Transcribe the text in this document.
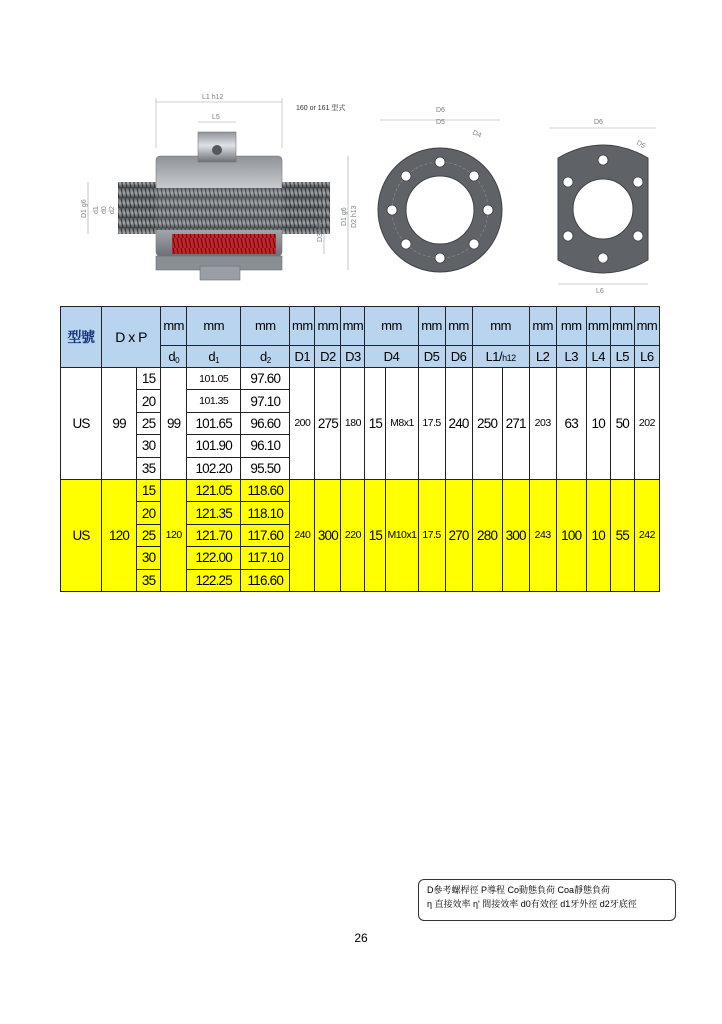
L1 h12
L5
160 or 161 型式
D1 g6 d1 d0 d2
D3 H6
D1 g6 D2 h13
D6
D5
D4
D6
D5
L6
型號	D x P		mm	mm	mm	mm	mm	mm	mm		mm	mm	mm		mm	mm	mm	mm	mm
			$d_0$	$d_1$	$d_2$	D1	D2	D3	D4		D5	D6	L1/h12		L2	L3	L4	L5	L6
US	99	15	99	101.05	97.60	200	275	180	15	M8x1	17.5	240	250	271	203	63	10	50	202
		20		101.35	97.10														
		25		101.65	96.60														
		30		101.90	96.10														
		35		102.20	95.50														
US	120	15	120	121.05	118.60	240	300	220	15	M10x1	17.5	270	280	300	243	100	10	55	242
		20		121.35	118.10														
		25		121.70	117.60														
		30		122.00	117.10														
		35		122.25	116.60														
D參考螺桿徑 P導程 Co動態負荷 Coa靜態負荷
η 直接效率 η' 間接效率 d0有效徑 d1牙外徑 d2牙底徑
26
